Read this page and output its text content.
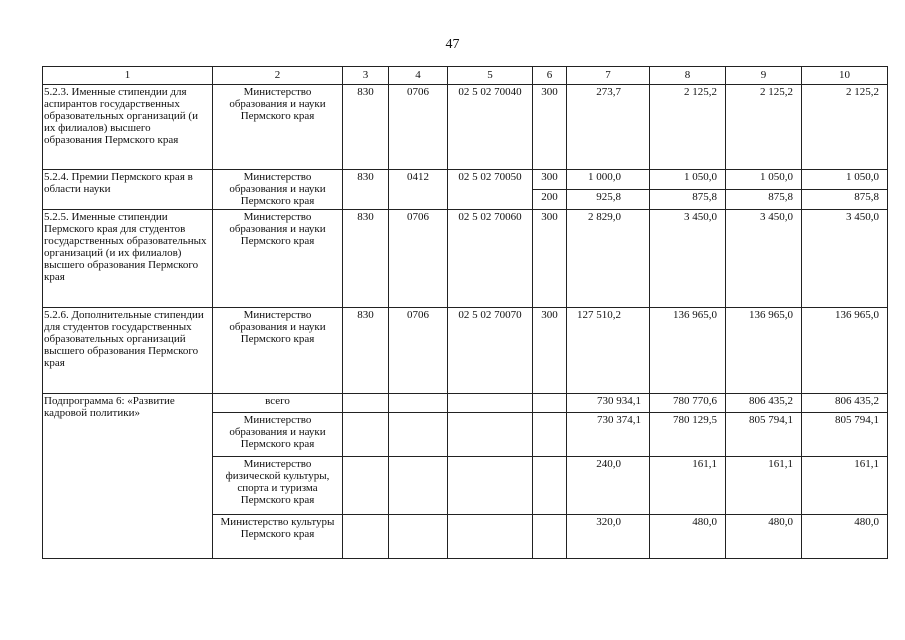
47
1	2	3	4	5	6	7	8	9	10
5.2.3. Именные стипендии для аспирантов государственных образовательных организаций (и их филиалов) высшего образования Пермского края	Министерство образования и науки Пермского края	830	0706	02 5 02 70040	300	273,7	2 125,2	2 125,2	2 125,2
5.2.4. Премии Пермского края в области науки	Министерство образования и науки Пермского края	830	0412	02 5 02 70050	300	1 000,0	1 050,0	1 050,0	1 050,0
					200	925,8	875,8	875,8	875,8
5.2.5. Именные стипендии Пермского края для студентов государственных образовательных организаций (и их филиалов) высшего образования Пермского края	Министерство образования и науки Пермского края	830	0706	02 5 02 70060	300	2 829,0	3 450,0	3 450,0	3 450,0
5.2.6. Дополнительные стипендии для студентов государственных образовательных организаций высшего образования Пермского края	Министерство образования и науки Пермского края	830	0706	02 5 02 70070	300	127 510,2	136 965,0	136 965,0	136 965,0
Подпрограмма 6: «Развитие кадровой политики»	всего					730 934,1	780 770,6	806 435,2	806 435,2
	Министерство образования и науки Пермского края					730 374,1	780 129,5	805 794,1	805 794,1
	Министерство физической культуры, спорта и туризма Пермского края					240,0	161,1	161,1	161,1
	Министерство культуры Пермского края					320,0	480,0	480,0	480,0
